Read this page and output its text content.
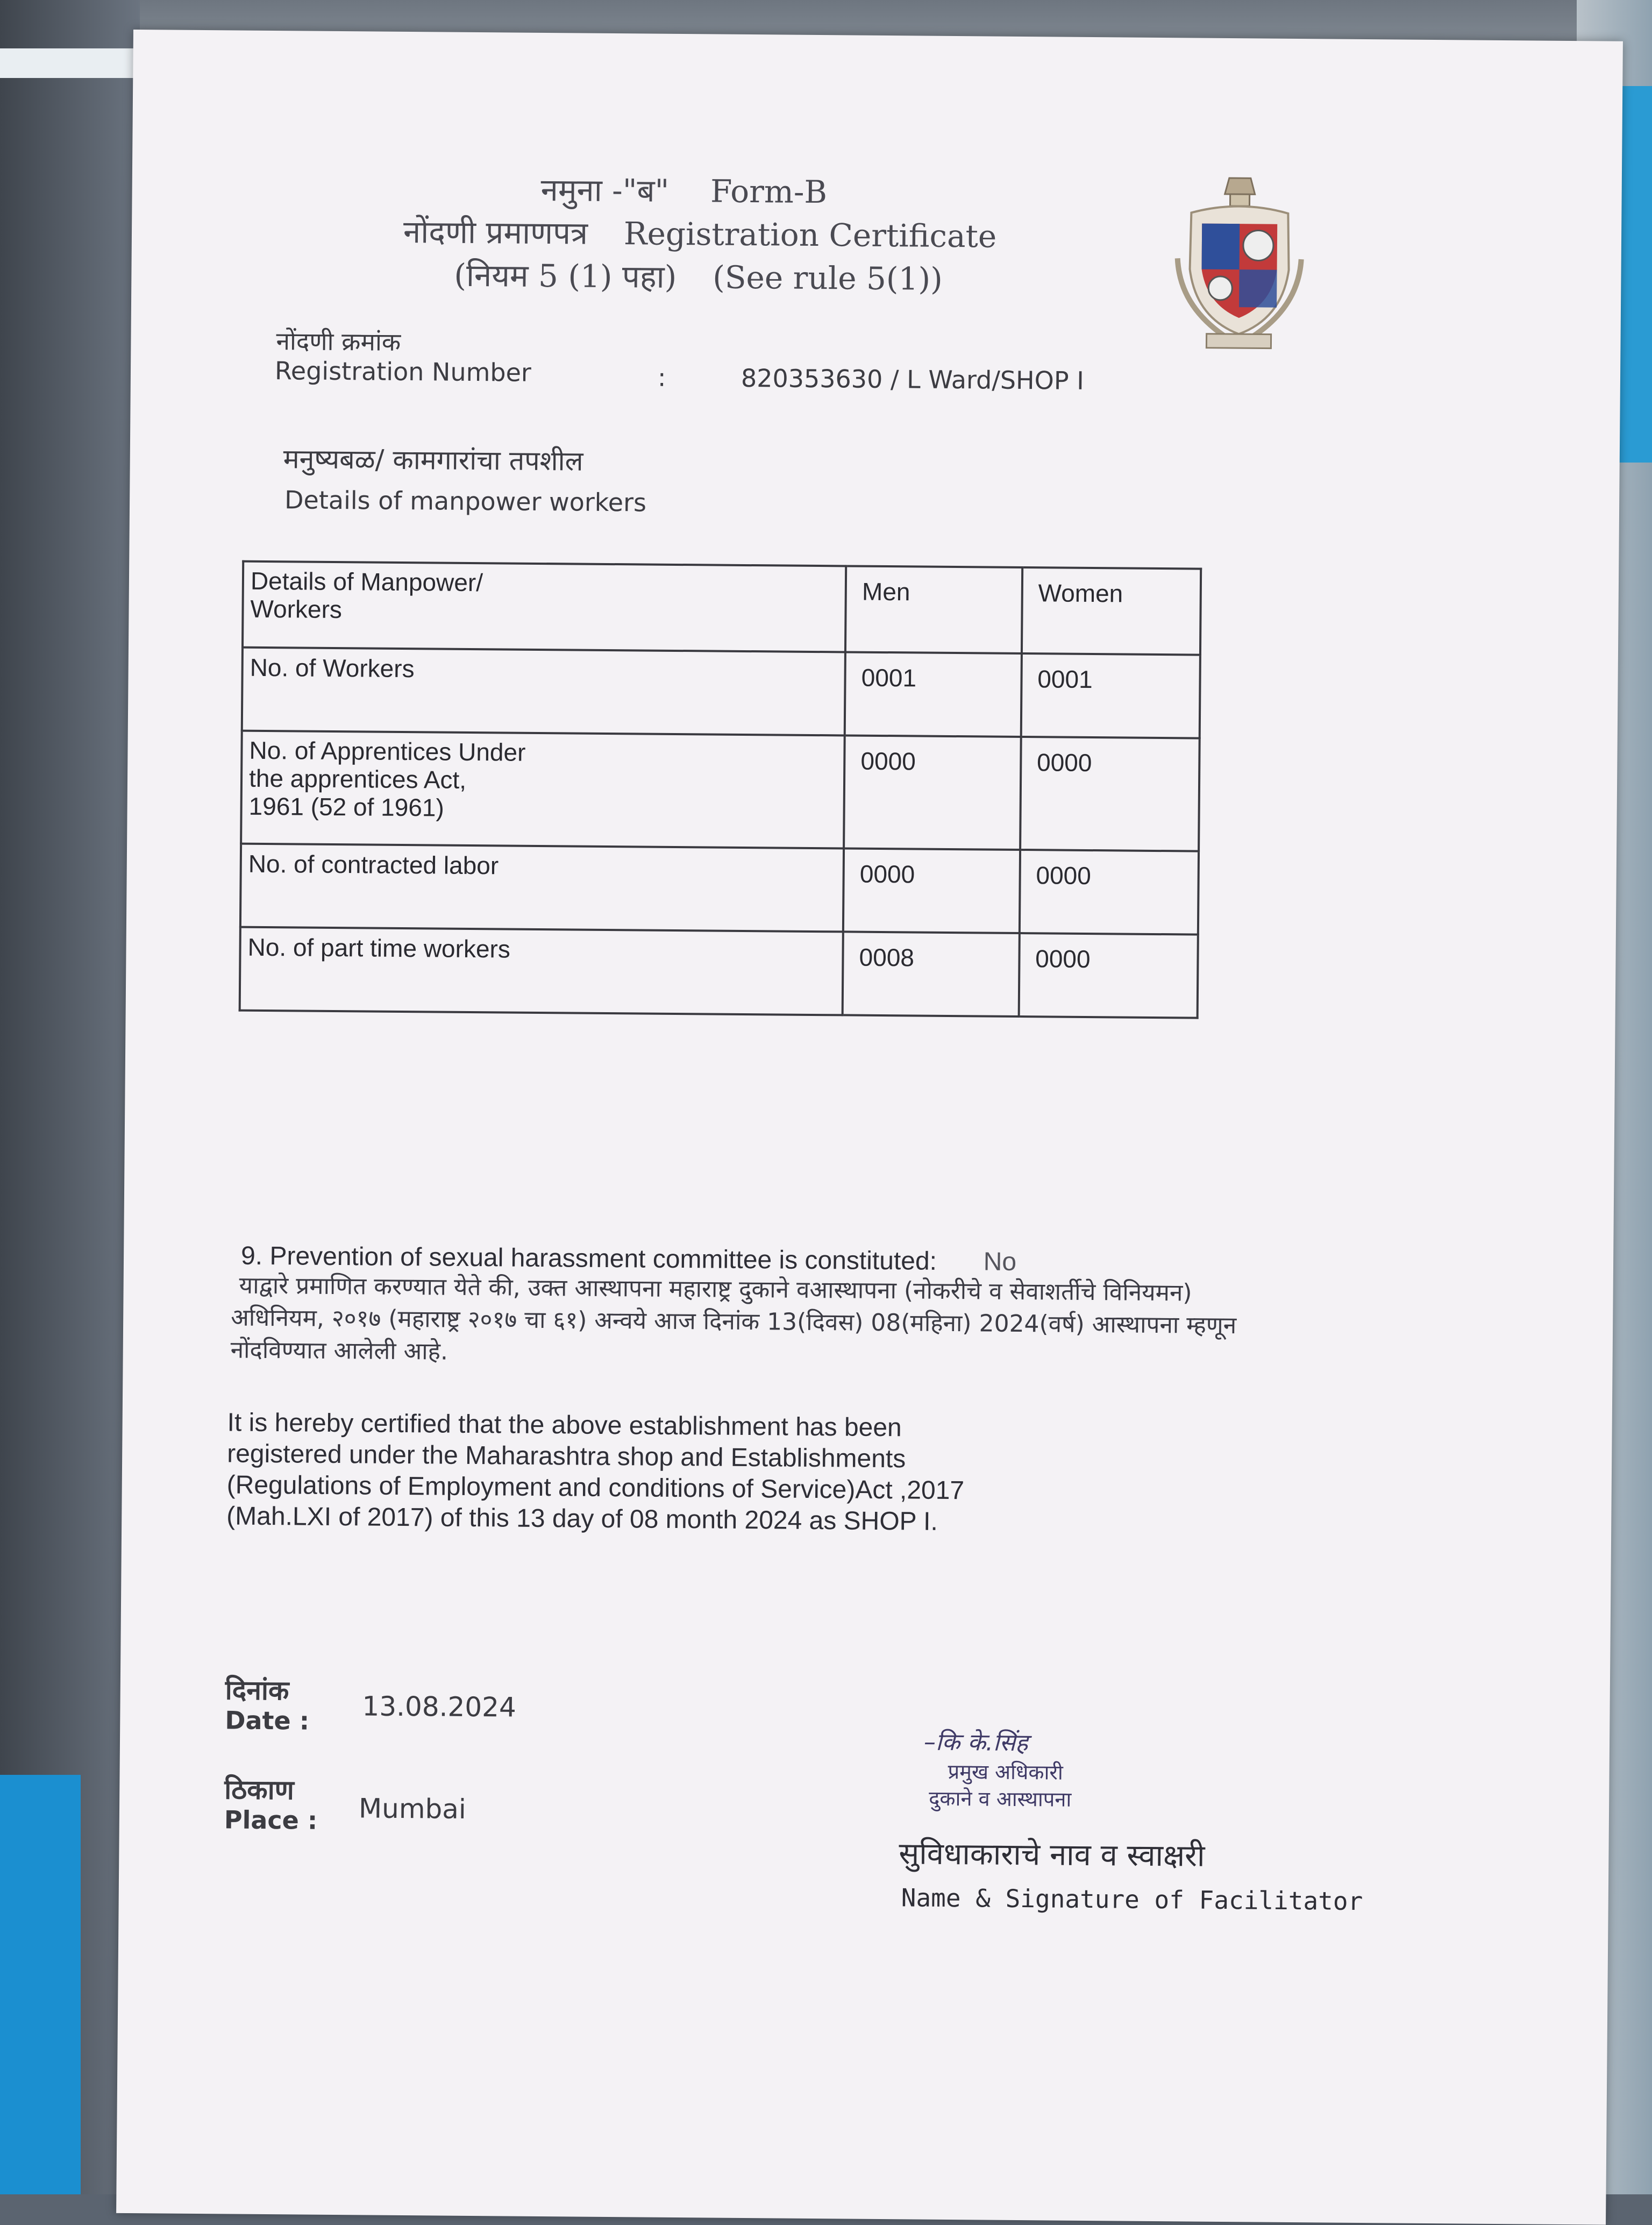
नमुना -"ब" Form-B
नोंदणी प्रमाणपत्र Registration Certificate
(नियम 5 (1) पहा) (See rule 5(1))
नोंदणी क्रमांक
Registration Number	:	820353630 / L Ward/SHOP I
मनुष्यबळ/ कामगारांचा तपशील
Details of manpower workers
Details of Manpower/
Workers	Men	Women
No. of Workers	0001	0001
No. of Apprentices Under
the apprentices Act,
1961 (52 of 1961)	0000	0000
No. of contracted labor	0000	0000
No. of part time workers	0008	0000
9. Prevention of sexual harassment committee is constituted: No
याद्वारे प्रमाणित करण्यात येते की, उक्त आस्थापना महाराष्ट्र दुकाने वआस्थापना (नोकरीचे व सेवाशर्तीचे विनियमन)
अधिनियम, २०१७ (महाराष्ट्र २०१७ चा ६१) अन्वये आज दिनांक 13(दिवस) 08(महिना) 2024(वर्ष) आस्थापना म्हणून
नोंदविण्यात आलेली आहे.
It is hereby certified that the above establishment has been
registered under the Maharashtra shop and Establishments
(Regulations of Employment and conditions of Service)Act ,2017
(Mah.LXI of 2017) of this 13 day of 08 month 2024 as SHOP I.
दिनांक
Date : 13.08.2024
ठिकाण
Place : Mumbai
–कि के.सिंह
प्रमुख अधिकारी
दुकाने व आस्थापना
सुविधाकाराचे नाव व स्वाक्षरी
Name & Signature of Facilitator
